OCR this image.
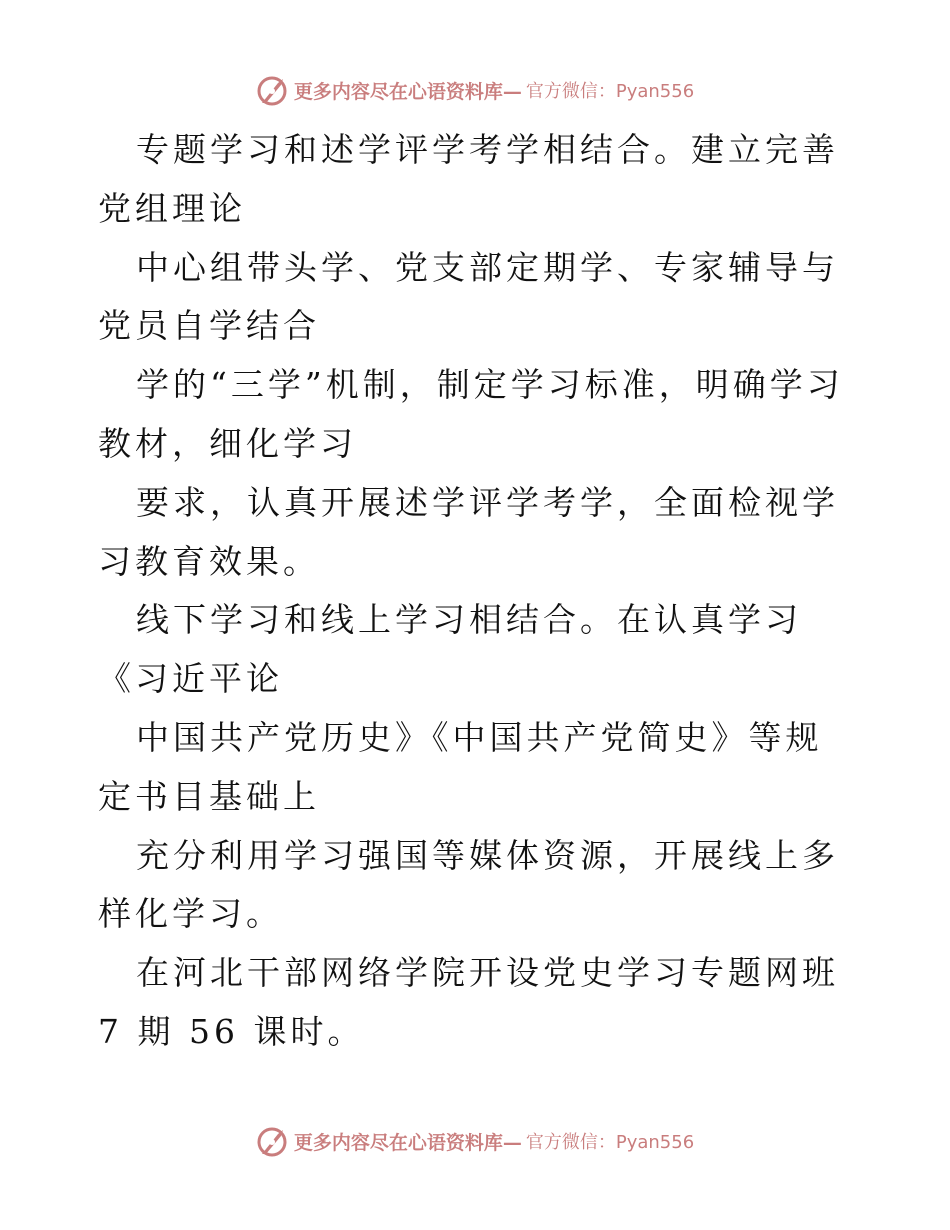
更多内容尽在心语资料库— 官方微信：Pyan556

专题学习和述学评学考学相结合。建立完善党组理论

中心组带头学、党支部定期学、专家辅导与党员自学结合

学的“三学”机制，制定学习标准，明确学习教材，细化学习

要求，认真开展述学评学考学，全面检视学习教育效果。

线下学习和线上学习相结合。在认真学习《习近平论

中国共产党历史》《中国共产党简史》等规定书目基础上

充分利用学习强国等媒体资源，开展线上多样化学习。

在河北干部网络学院开设党史学习专题网班 7 期 56 课时。

更多内容尽在心语资料库— 官方微信：Pyan556
